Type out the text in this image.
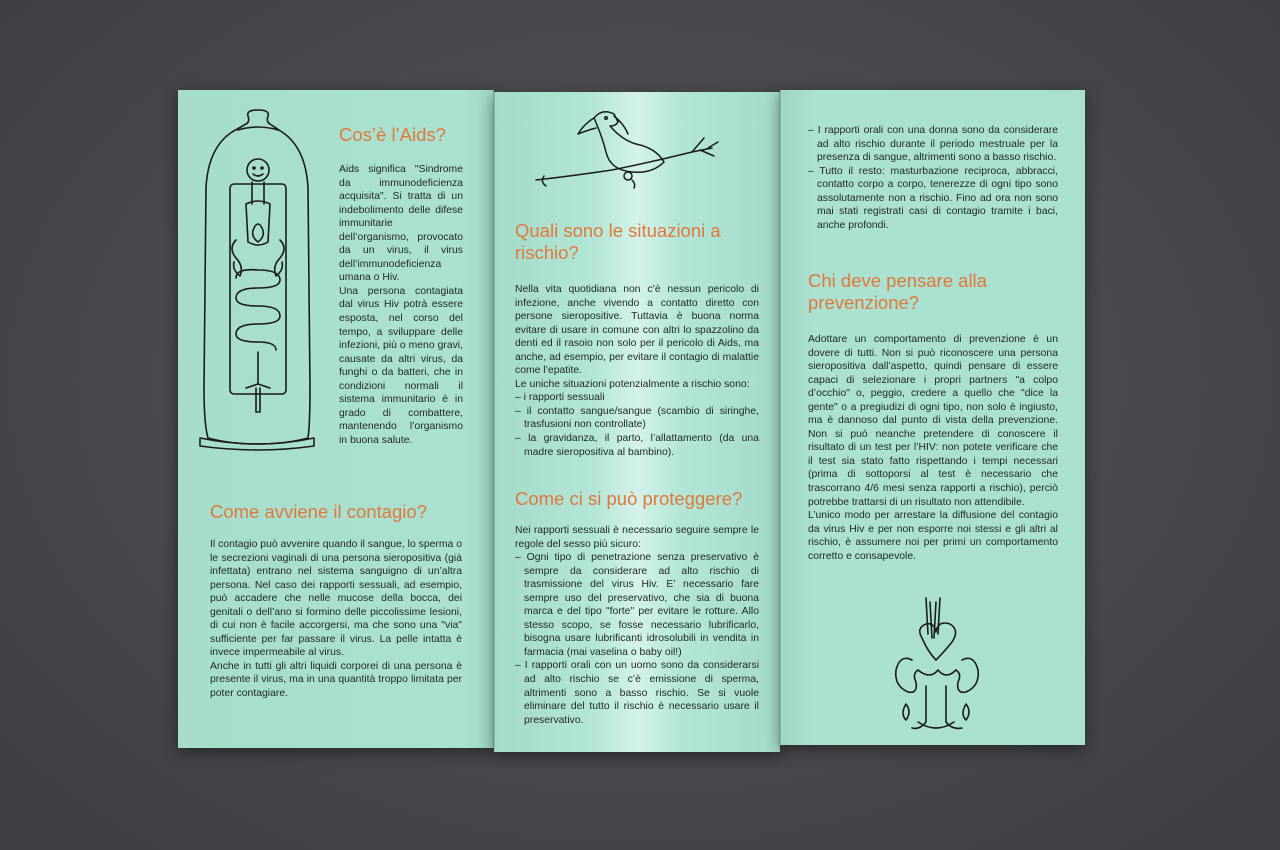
Cos’è l’Aids?

Aids significa "Sindrome da immunodeficienza acquisita". Si tratta di un indebolimento delle difese immunitarie dell’organismo, provocato da un virus, il virus dell’immunodeficienza umana o Hiv.

Una persona contagiata dal virus Hiv potrà essere esposta, nel corso del tempo, a sviluppare delle infezioni, più o meno gravi, causate da altri virus, da funghi o da batteri, che in condizioni normali il sistema immunitario è in grado di combattere, mantenendo l’organismo in buona salute.

Come avviene il contagio?

Il contagio può avvenire quando il sangue, lo sperma o le secrezioni vaginali di una persona sieropositiva (già infettata) entrano nel sistema sanguigno di un’altra persona. Nel caso dei rapporti sessuali, ad esempio, può accadere che nelle mucose della bocca, dei genitali o dell’ano si formino delle piccolissime lesioni, di cui non è facile accorgersi, ma che sono una "via" sufficiente per far passare il virus. La pelle intatta è invece impermeabile al virus.

Anche in tutti gli altri liquidi corporei di una persona è presente il virus, ma in una quantità troppo limitata per poter contagiare.

Quali sono le situazioni a rischio?

Nella vita quotidiana non c’è nessun pericolo di infezione, anche vivendo a contatto diretto con persone sieropositive. Tuttavia è buona norma evitare di usare in comune con altri lo spazzolino da denti ed il rasoio non solo per il pericolo di Aids, ma anche, ad esempio, per evitare il contagio di malattie come l’epatite.

Le uniche situazioni potenzialmente a rischio sono:

– i rapporti sessuali
– il contatto sangue/sangue (scambio di siringhe, trasfusioni non controllate)
– la gravidanza, il parto, l’allattamento (da una madre sieropositiva al bambino).
Come ci si può proteggere?

Nei rapporti sessuali è necessario seguire sempre le regole del sesso più sicuro:

– Ogni tipo di penetrazione senza preservativo è sempre da considerare ad alto rischio di trasmissione del virus Hiv. E’ necessario fare sempre uso del preservativo, che sia di buona marca e del tipo "forte" per evitare le rotture. Allo stesso scopo, se fosse necessario lubrificarlo, bisogna usare lubrificanti idrosolubili in vendita in farmacia (mai vaselina o baby oil!)
– I rapporti orali con un uomo sono da considerarsi ad alto rischio se c’è emissione di sperma, altrimenti sono a basso rischio. Se si vuole eliminare del tutto il rischio è necessario usare il preservativo.
– I rapporti orali con una donna sono da considerare ad alto rischio durante il periodo mestruale per la presenza di sangue, altrimenti sono a basso rischio.
– Tutto il resto: masturbazione reciproca, abbracci, contatto corpo a corpo, tenerezze di ogni tipo sono assolutamente non a rischio. Fino ad ora non sono mai stati registrati casi di contagio tramite i baci, anche profondi.
Chi deve pensare alla prevenzione?

Adottare un comportamento di prevenzione è un dovere di tutti. Non si può riconoscere una persona sieropositiva dall’aspetto, quindi pensare di essere capaci di selezionare i propri partners "a colpo d’occhio" o, peggio, credere a quello che "dice la gente" o a pregiudizi di ogni tipo, non solo è ingiusto, ma è dannoso dal punto di vista della prevenzione. Non si può neanche pretendere di conoscere il risultato di un test per l’HIV: non potete verificare che il test sia stato fatto rispettando i tempi necessari (prima di sottoporsi al test è necessario che trascorrano 4/6 mesi senza rapporti a rischio), perciò potrebbe trattarsi di un risultato non attendibile.

L’unico modo per arrestare la diffusione del contagio da virus Hiv e per non esporre noi stessi e gli altri al rischio, è assumere noi per primi un comportamento corretto e consapevole.
